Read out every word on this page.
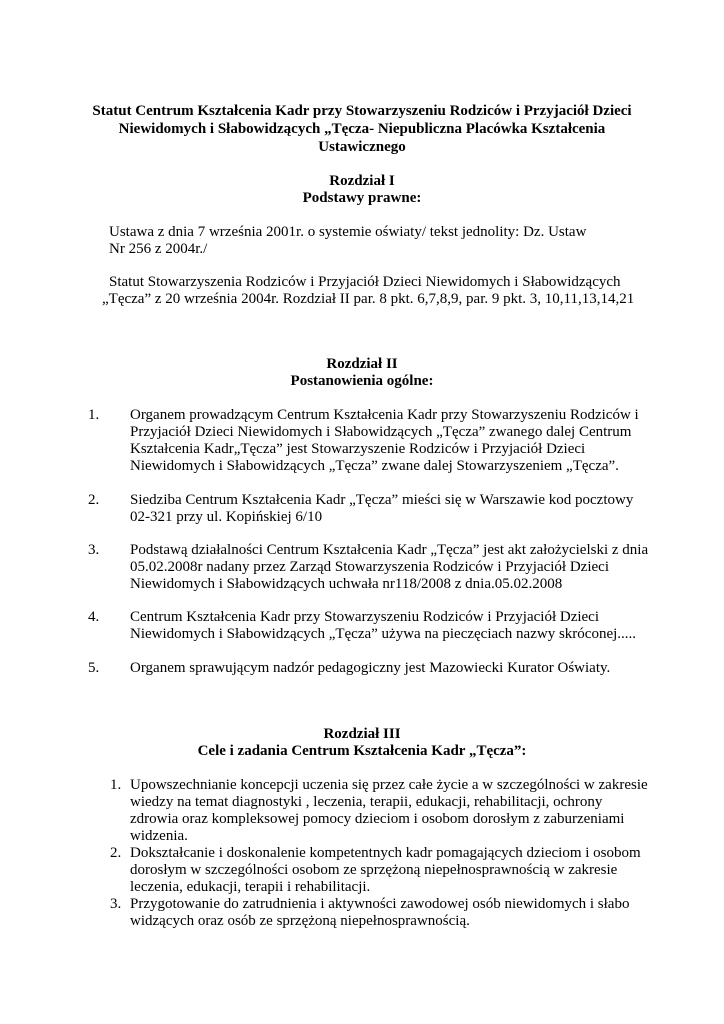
Statut Centrum Kształcenia Kadr przy Stowarzyszeniu Rodziców i Przyjaciół Dzieci
Niewidomych i Słabowidzących „Tęcza- Niepubliczna Placówka Kształcenia
Ustawicznego
Rozdział I
Podstawy prawne:
Ustawa z dnia 7 września 2001r. o systemie oświaty/ tekst jednolity: Dz. Ustaw
Nr 256 z 2004r./
Statut Stowarzyszenia Rodziców i Przyjaciół Dzieci Niewidomych i Słabowidzących
„Tęcza” z 20 września 2004r. Rozdział II par. 8 pkt. 6,7,8,9, par. 9 pkt. 3, 10,11,13,14,21
Rozdział II
Postanowienia ogólne:
1. Organem prowadzącym Centrum Kształcenia Kadr przy Stowarzyszeniu Rodziców i
Przyjaciół Dzieci Niewidomych i Słabowidzących „Tęcza” zwanego dalej Centrum
Kształcenia Kadr„Tęcza” jest Stowarzyszenie Rodziców i Przyjaciół Dzieci
Niewidomych i Słabowidzących „Tęcza” zwane dalej Stowarzyszeniem „Tęcza”.
2. Siedziba Centrum Kształcenia Kadr „Tęcza” mieści się w Warszawie kod pocztowy
02-321 przy ul. Kopińskiej 6/10
3. Podstawą działalności Centrum Kształcenia Kadr „Tęcza” jest akt założycielski z dnia
05.02.2008r nadany przez Zarząd Stowarzyszenia Rodziców i Przyjaciół Dzieci
Niewidomych i Słabowidzących uchwała nr118/2008 z dnia.05.02.2008
4. Centrum Kształcenia Kadr przy Stowarzyszeniu Rodziców i Przyjaciół Dzieci
Niewidomych i Słabowidzących „Tęcza” używa na pieczęciach nazwy skróconej.....
5. Organem sprawującym nadzór pedagogiczny jest Mazowiecki Kurator Oświaty.
Rozdział III
Cele i zadania Centrum Kształcenia Kadr „Tęcza”:
1. Upowszechnianie koncepcji uczenia się przez całe życie a w szczególności w zakresie
wiedzy na temat diagnostyki , leczenia, terapii, edukacji, rehabilitacji, ochrony
zdrowia oraz kompleksowej pomocy dzieciom i osobom dorosłym z zaburzeniami
widzenia.
2. Dokształcanie i doskonalenie kompetentnych kadr pomagających dzieciom i osobom
dorosłym w szczególności osobom ze sprzężoną niepełnosprawnością w zakresie
leczenia, edukacji, terapii i rehabilitacji.
3. Przygotowanie do zatrudnienia i aktywności zawodowej osób niewidomych i słabo
widzących oraz osób ze sprzężoną niepełnosprawnością.
